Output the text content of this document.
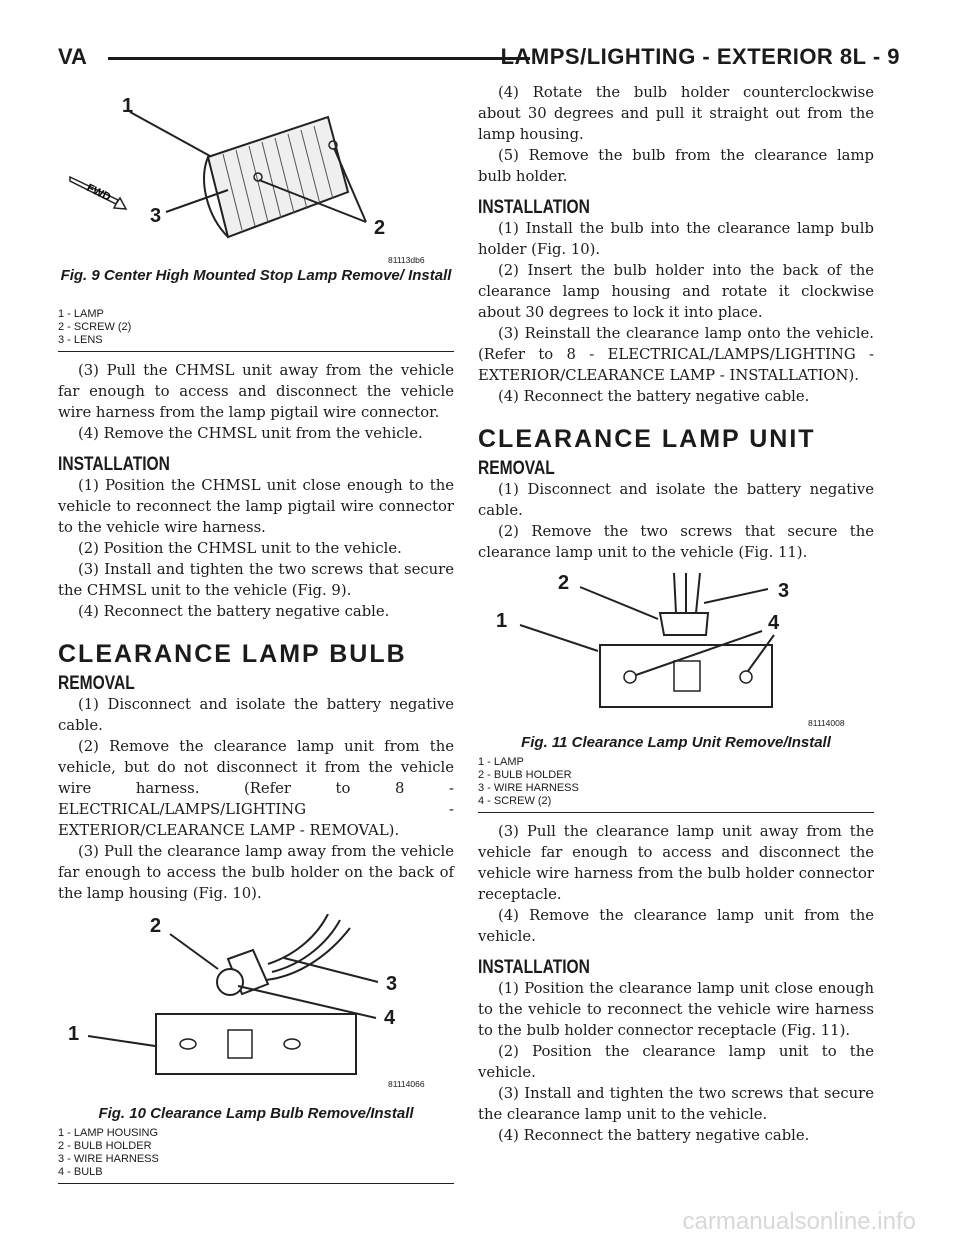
VA	LAMPS/LIGHTING - EXTERIOR 8L - 9
FWD
1
2
3
81113db6
Fig. 9 Center High Mounted Stop Lamp Remove/ Install
1 - LAMP
2 - SCREW (2)
3 - LENS

(3) Pull the CHMSL unit away from the vehicle far enough to access and disconnect the vehicle wire harness from the lamp pigtail wire connector.

(4) Remove the CHMSL unit from the vehicle.

INSTALLATION

(1) Position the CHMSL unit close enough to the vehicle to reconnect the lamp pigtail wire connector to the vehicle wire harness.

(2) Position the CHMSL unit to the vehicle.

(3) Install and tighten the two screws that secure the CHMSL unit to the vehicle (Fig. 9).

(4) Reconnect the battery negative cable.

CLEARANCE LAMP BULB
REMOVAL

(1) Disconnect and isolate the battery negative cable.

(2) Remove the clearance lamp unit from the vehicle, but do not disconnect it from the vehicle wire harness. (Refer to 8 - ELECTRICAL/LAMPS/LIGHTING - EXTERIOR/CLEARANCE LAMP - REMOVAL).

(3) Pull the clearance lamp away from the vehicle far enough to access the bulb holder on the back of the lamp housing (Fig. 10).

1
2
3
4
81114066
Fig. 10 Clearance Lamp Bulb Remove/Install
1 - LAMP HOUSING
2 - BULB HOLDER
3 - WIRE HARNESS
4 - BULB

(4) Rotate the bulb holder counterclockwise about 30 degrees and pull it straight out from the lamp housing.

(5) Remove the bulb from the clearance lamp bulb holder.

INSTALLATION

(1) Install the bulb into the clearance lamp bulb holder (Fig. 10).

(2) Insert the bulb holder into the back of the clearance lamp housing and rotate it clockwise about 30 degrees to lock it into place.

(3) Reinstall the clearance lamp onto the vehicle. (Refer to 8 - ELECTRICAL/LAMPS/LIGHTING - EXTERIOR/CLEARANCE LAMP - INSTALLATION).

(4) Reconnect the battery negative cable.

CLEARANCE LAMP UNIT
REMOVAL

(1) Disconnect and isolate the battery negative cable.

(2) Remove the two screws that secure the clearance lamp unit to the vehicle (Fig. 11).

1
2	3
4
81114008
Fig. 11 Clearance Lamp Unit Remove/Install
1 - LAMP
2 - BULB HOLDER
3 - WIRE HARNESS
4 - SCREW (2)

(3) Pull the clearance lamp unit away from the vehicle far enough to access and disconnect the vehicle wire harness from the bulb holder connector receptacle.

(4) Remove the clearance lamp unit from the vehicle.

INSTALLATION

(1) Position the clearance lamp unit close enough to the vehicle to reconnect the vehicle wire harness to the bulb holder connector receptacle (Fig. 11).

(2) Position the clearance lamp unit to the vehicle.

(3) Install and tighten the two screws that secure the clearance lamp unit to the vehicle.

(4) Reconnect the battery negative cable.

carmanualsonline.info
